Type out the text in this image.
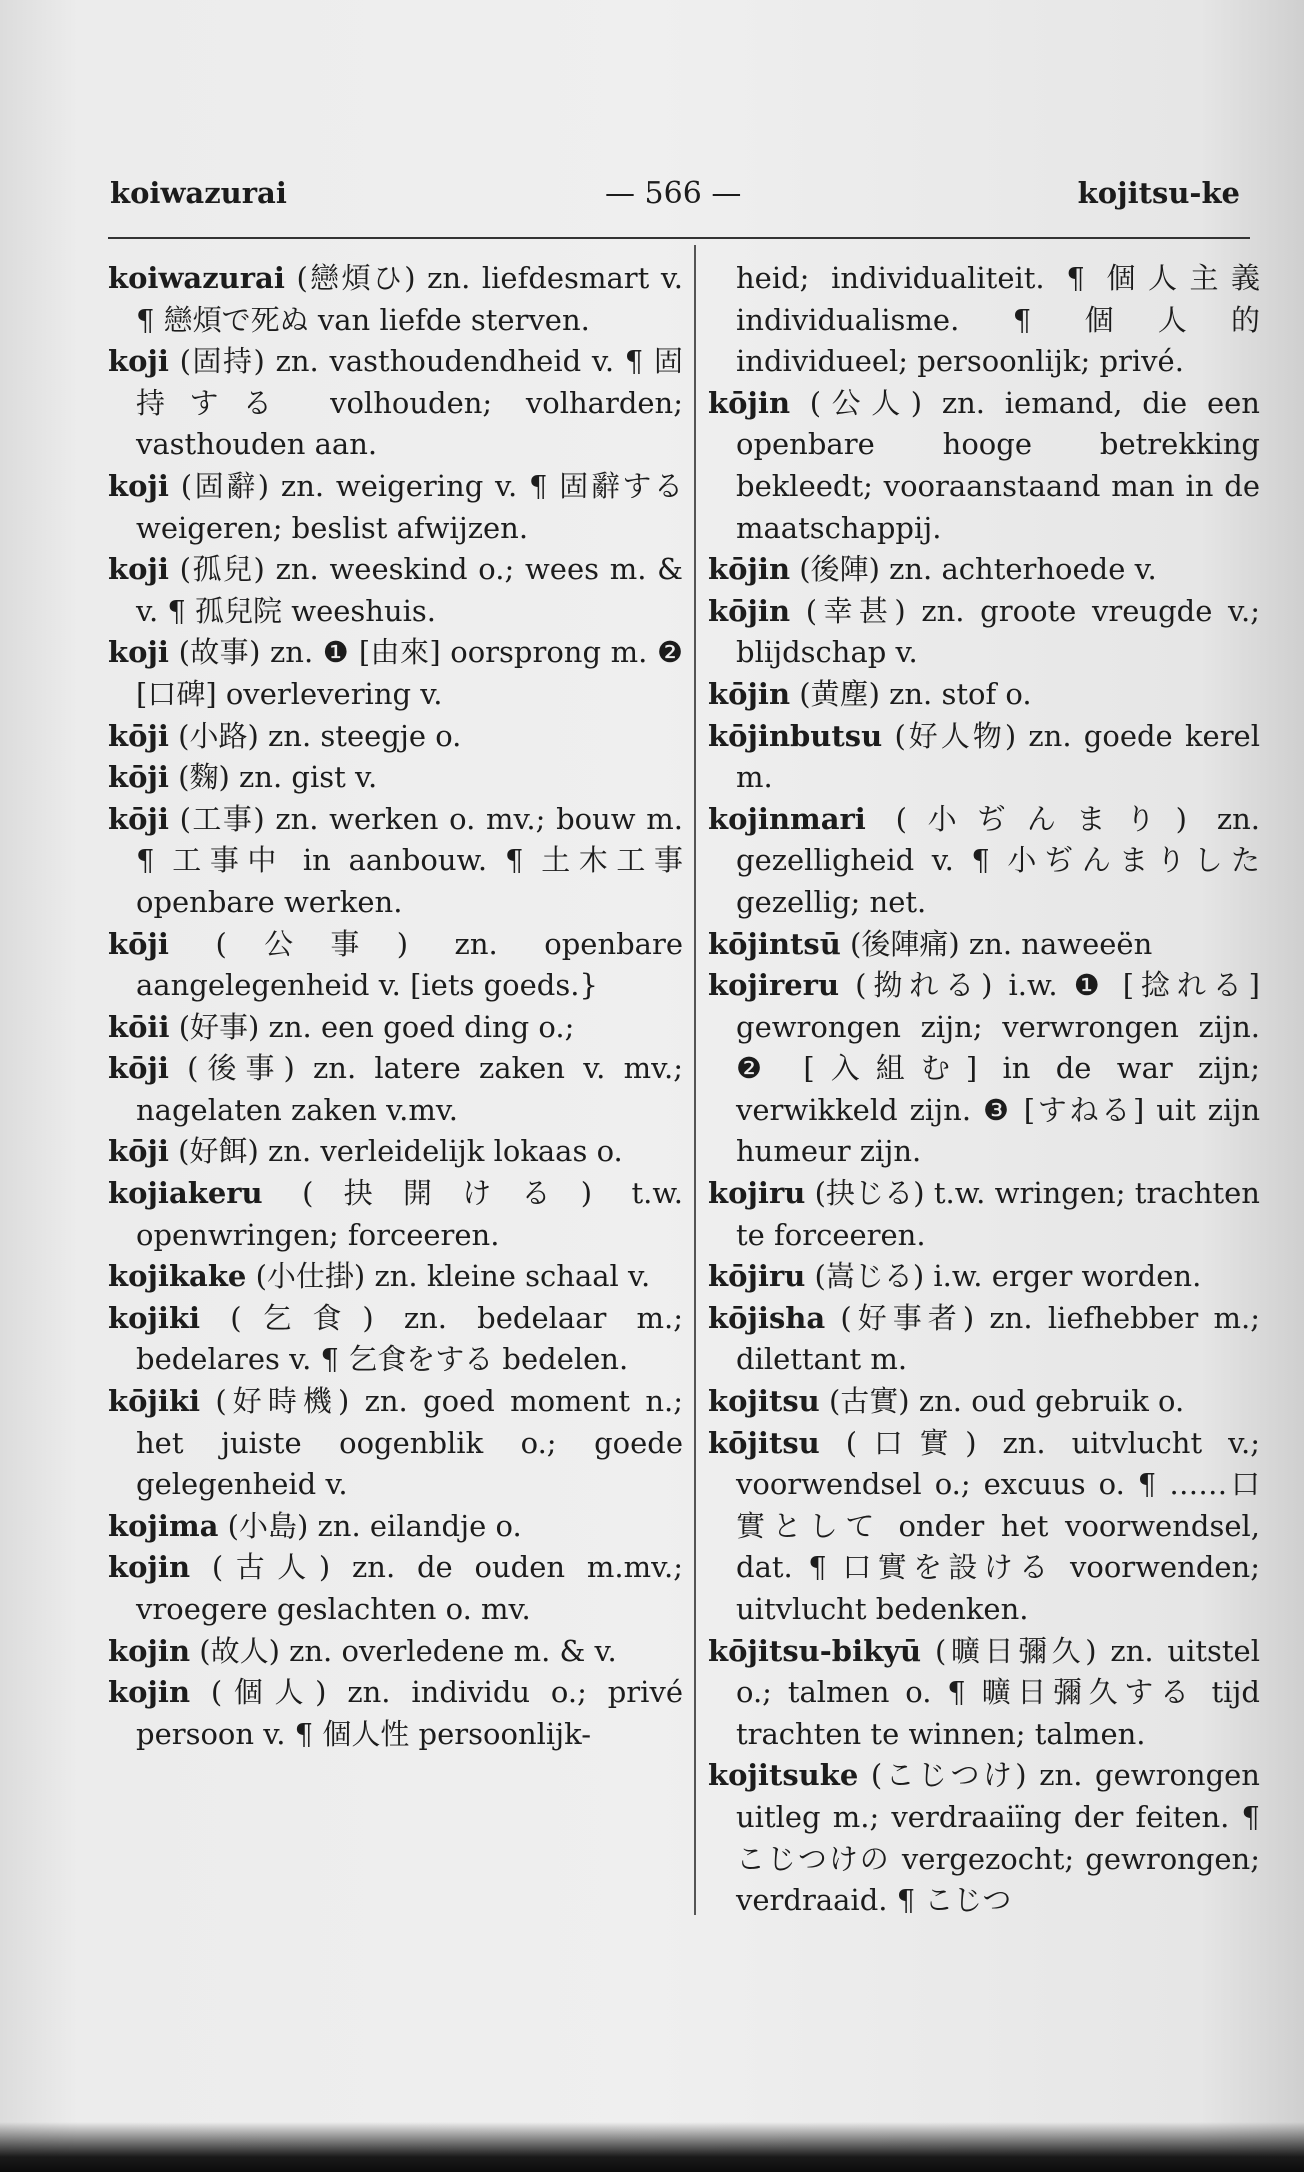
koiwazurai	— 566 —	kojitsu-ke

koiwazurai (戀煩ひ) zn. liefdesmart v. ¶ 戀煩で死ぬ van liefde sterven.

koji (固持) zn. vasthoudendheid v. ¶ 固持する volhouden; volharden; vasthouden aan.

koji (固辭) zn. weigering v. ¶ 固辭する weigeren; beslist afwijzen.

koji (孤兒) zn. weeskind o.; wees m. & v. ¶ 孤兒院 weeshuis.

koji (故事) zn. ❶ [由來] oorsprong m. ❷ [口碑] overlevering v.

kōji (小路) zn. steegje o.

kōji (麴) zn. gist v.

kōji (工事) zn. werken o. mv.; bouw m. ¶ 工事中 in aanbouw. ¶ 土木工事 openbare werken.

kōji (公事) zn. openbare aangelegenheid v. [iets goeds.}

kōii (好事) zn. een goed ding o.;

kōji (後事) zn. latere zaken v. mv.; nagelaten zaken v.mv.

kōji (好餌) zn. verleidelijk lokaas o.

kojiakeru (抉開ける) t.w. openwringen; forceeren.

kojikake (小仕掛) zn. kleine schaal v.

kojiki (乞食) zn. bedelaar m.; bedelares v. ¶ 乞食をする bedelen.

kōjiki (好時機) zn. goed moment n.; het juiste oogenblik o.; goede gelegenheid v.

kojima (小島) zn. eilandje o.

kojin (古人) zn. de ouden m.mv.; vroegere geslachten o. mv.

kojin (故人) zn. overledene m. & v.

kojin (個人) zn. individu o.; privé persoon v. ¶ 個人性 persoonlijk-

heid; individualiteit. ¶ 個人主義 individualisme. ¶ 個人的 individueel; persoonlijk; privé.

kōjin (公人) zn. iemand, die een openbare hooge betrekking bekleedt; vooraanstaand man in de maatschappij.

kōjin (後陣) zn. achterhoede v.

kōjin (幸甚) zn. groote vreugde v.; blijdschap v.

kōjin (黄塵) zn. stof o.

kōjinbutsu (好人物) zn. goede kerel m.

kojinmari (小ぢんまり) zn. gezelligheid v. ¶ 小ぢんまりした gezellig; net.

kōjintsū (後陣痛) zn. naweeën

kojireru (拗れる) i.w. ❶ [捻れる] gewrongen zijn; verwrongen zijn. ❷ [入組む] in de war zijn; verwikkeld zijn. ❸ [すねる] uit zijn humeur zijn.

kojiru (抉じる) t.w. wringen; trachten te forceeren.

kōjiru (嵩じる) i.w. erger worden.

kōjisha (好事者) zn. liefhebber m.; dilettant m.

kojitsu (古實) zn. oud gebruik o.

kōjitsu (口實) zn. uitvlucht v.; voorwendsel o.; excuus o. ¶ ……口實として onder het voorwendsel, dat. ¶ 口實を設ける voorwenden; uitvlucht bedenken.

kōjitsu-bikyū (曠日彌久) zn. uitstel o.; talmen o. ¶ 曠日彌久する tijd trachten te winnen; talmen.

kojitsuke (こじつけ) zn. gewrongen uitleg m.; verdraaiïng der feiten. ¶ こじつけの vergezocht; gewrongen; verdraaid. ¶ こじつ
